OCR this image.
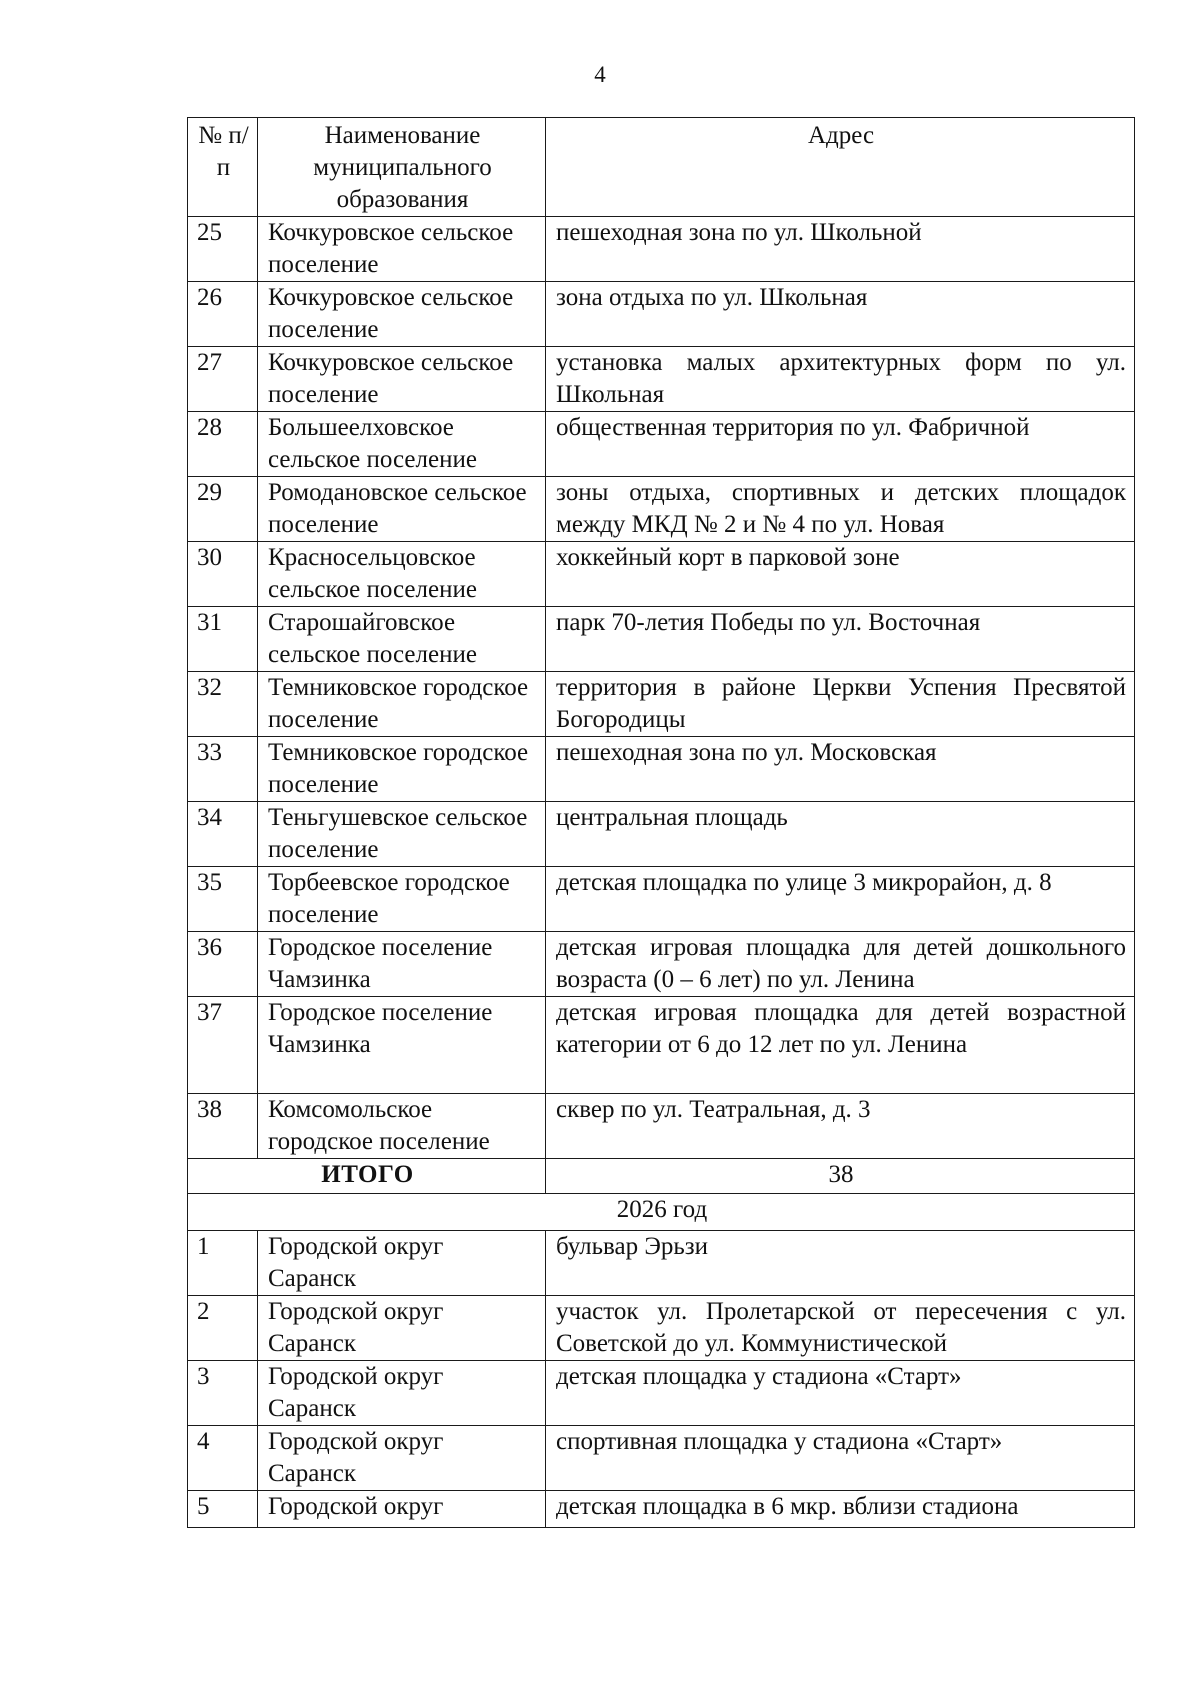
4
№ п/п	Наименование муниципального образования	Адрес
25	Кочкуровское сельское поселение	пешеходная зона по ул. Школьной
26	Кочкуровское сельское поселение	зона отдыха по ул. Школьная
27	Кочкуровское сельское поселение	установка малых архитектурных форм по ул. Школьная
28	Большеелховское сельское поселение	общественная территория по ул. Фабричной
29	Ромодановское сельское поселение	зоны отдыха, спортивных и детских площадок между МКД № 2 и № 4 по ул. Новая
30	Красносельцовское сельское поселение	хоккейный корт в парковой зоне
31	Старошайговское сельское поселение	парк 70-летия Победы по ул. Восточная
32	Темниковское городское поселение	территория в районе Церкви Успения Пресвятой Богородицы
33	Темниковское городское поселение	пешеходная зона по ул. Московская
34	Теньгушевское сельское поселение	центральная площадь
35	Торбеевское городское поселение	детская площадка по улице 3 микрорайон, д. 8
36	Городское поселение Чамзинка	детская игровая площадка для детей дошкольного возраста (0 – 6 лет) по ул. Ленина
37	Городское поселение Чамзинка	детская игровая площадка для детей возрастной категории от 6 до 12 лет по ул. Ленина
38	Комсомольское городское поселение	сквер по ул. Театральная, д. 3
ИТОГО		38
2026 год		
1	Городской округ Саранск	бульвар Эрьзи
2	Городской округ Саранск	участок ул. Пролетарской от пересечения с ул. Советской до ул. Коммунистической
3	Городской округ Саранск	детская площадка у стадиона «Старт»
4	Городской округ Саранск	спортивная площадка у стадиона «Старт»
5	Городской округ	детская площадка в 6 мкр. вблизи стадиона
